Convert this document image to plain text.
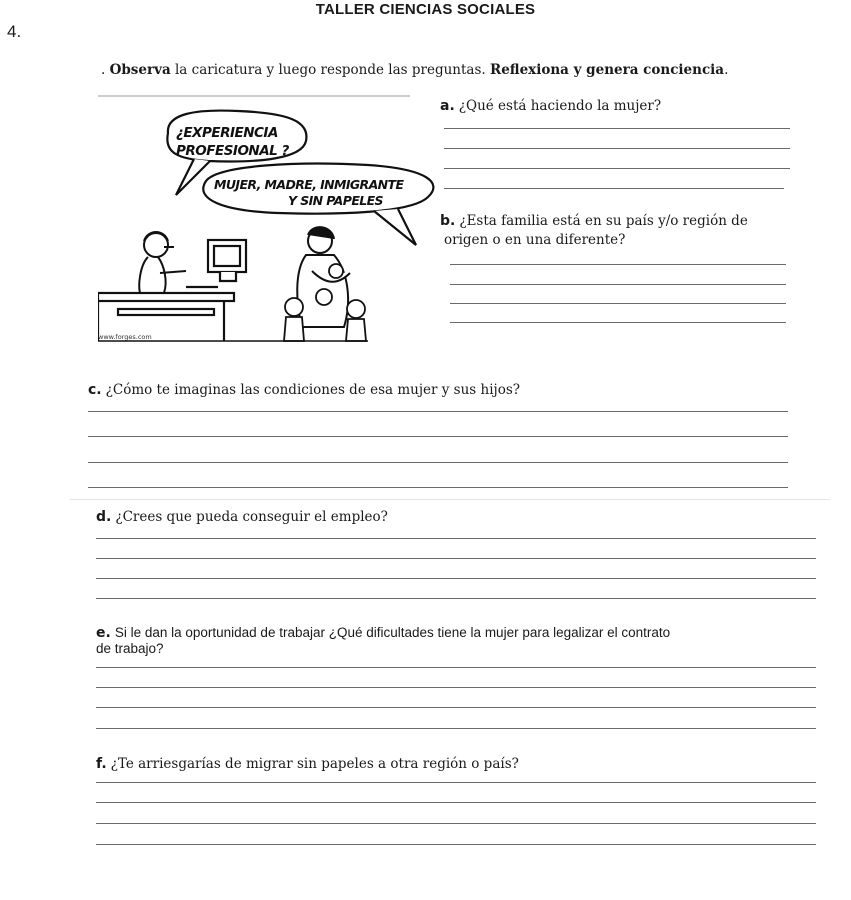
TALLER CIENCIAS SOCIALES
4.
. Observa la caricatura y luego responde las preguntas. Reflexiona y genera conciencia.
¿EXPERIENCIA
PROFESIONAL ?
MUJER, MADRE, INMIGRANTE
Y SIN PAPELES
www.forges.com
a. ¿Qué está haciendo la mujer?
b. ¿Esta familia está en su país y/o región de
origen o en una diferente?
c. ¿Cómo te imaginas las condiciones de esa mujer y sus hijos?
d. ¿Crees que pueda conseguir el empleo?
e. Si le dan la oportunidad de trabajar ¿Qué dificultades tiene la mujer para legalizar el contrato
de trabajo?
f. ¿Te arriesgarías de migrar sin papeles a otra región o país?
